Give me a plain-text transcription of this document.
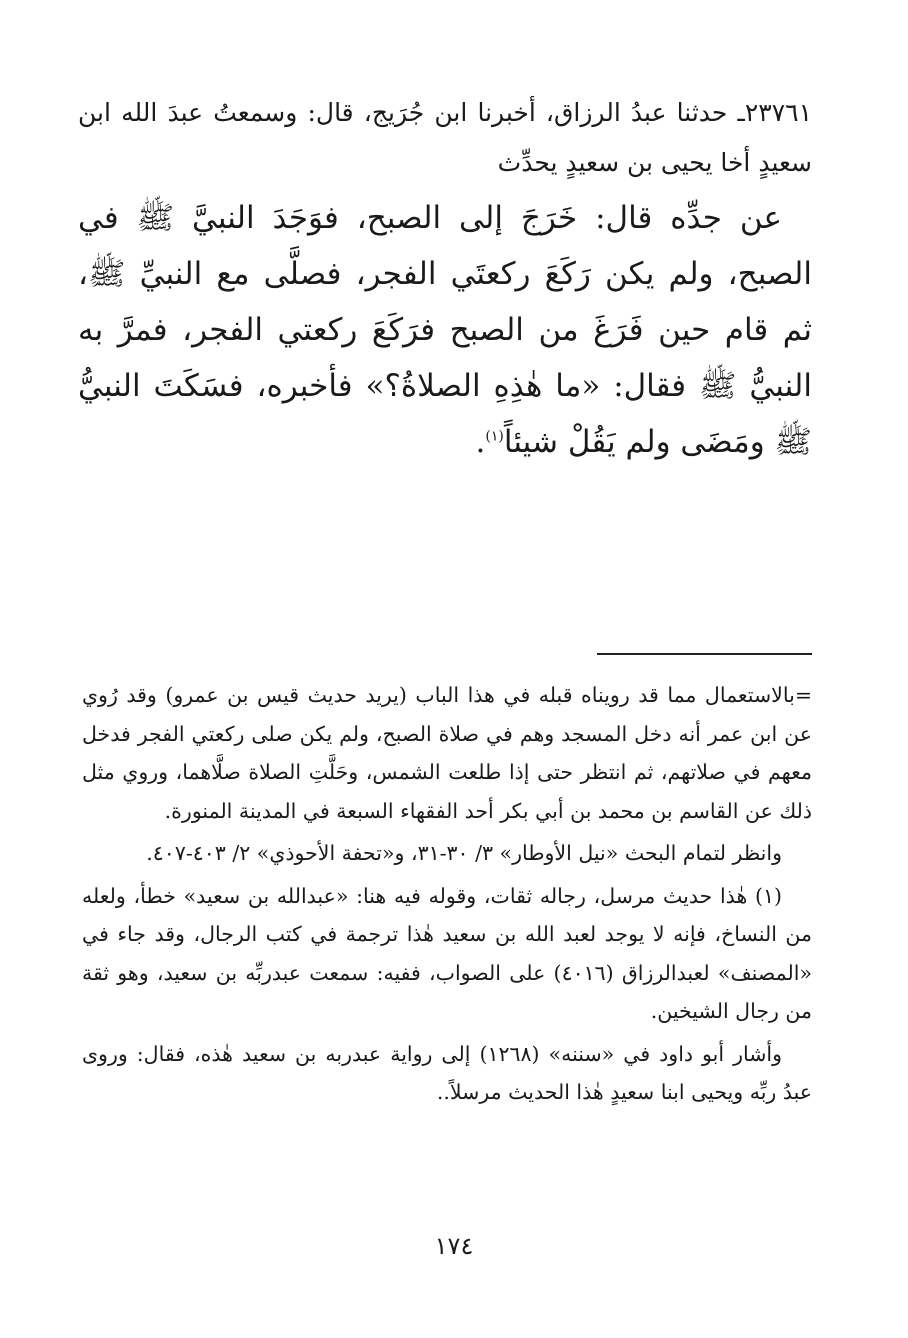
٢٣٧٦١ـ حدثنا عبدُ الرزاق، أخبرنا ابن جُرَيج، قال: وسمعتُ عبدَ الله ابن سعيدٍ أخا يحيى بن سعيدٍ يحدِّث

عن جدِّه قال: خَرَجَ إلى الصبح، فوَجَدَ النبيَّ ﷺ في الصبح، ولم يكن رَكَعَ ركعتَي الفجر، فصلَّى مع النبيِّ ﷺ، ثم قام حين فَرَغَ من الصبح فرَكَعَ ركعتي الفجر، فمرَّ به النبيُّ ﷺ فقال: «ما هٰذِهِ الصلاةُ؟» فأخبره، فسَكَتَ النبيُّ ﷺ ومَضَى ولم يَقُلْ شيئاً$^{(١)}$.

=بالاستعمال مما قد رويناه قبله في هذا الباب (يريد حديث قيس بن عمرو) وقد رُوي عن ابن عمر أنه دخل المسجد وهم في صلاة الصبح، ولم يكن صلى ركعتي الفجر فدخل معهم في صلاتهم، ثم انتظر حتى إذا طلعت الشمس، وحَلَّتِ الصلاة صلَّاهما، وروي مثل ذلك عن القاسم بن محمد بن أبي بكر أحد الفقهاء السبعة في المدينة المنورة.

وانظر لتمام البحث «نيل الأوطار» ٣/ ٣٠-٣١، و«تحفة الأحوذي» ٢/ ٤٠٣-٤٠٧.

(١) هٰذا حديث مرسل، رجاله ثقات، وقوله فيه هنا: «عبدالله بن سعيد» خطأ، ولعله من النساخ، فإنه لا يوجد لعبد الله بن سعيد هٰذا ترجمة في كتب الرجال، وقد جاء في «المصنف» لعبدالرزاق (٤٠١٦) على الصواب، ففيه: سمعت عبدربِّه بن سعيد، وهو ثقة من رجال الشيخين.

وأشار أبو داود في «سننه» (١٢٦٨) إلى رواية عبدربه بن سعيد هٰذه، فقال: وروى عبدُ ربِّه ويحيى ابنا سعيدٍ هٰذا الحديث مرسلاً..

١٧٤
